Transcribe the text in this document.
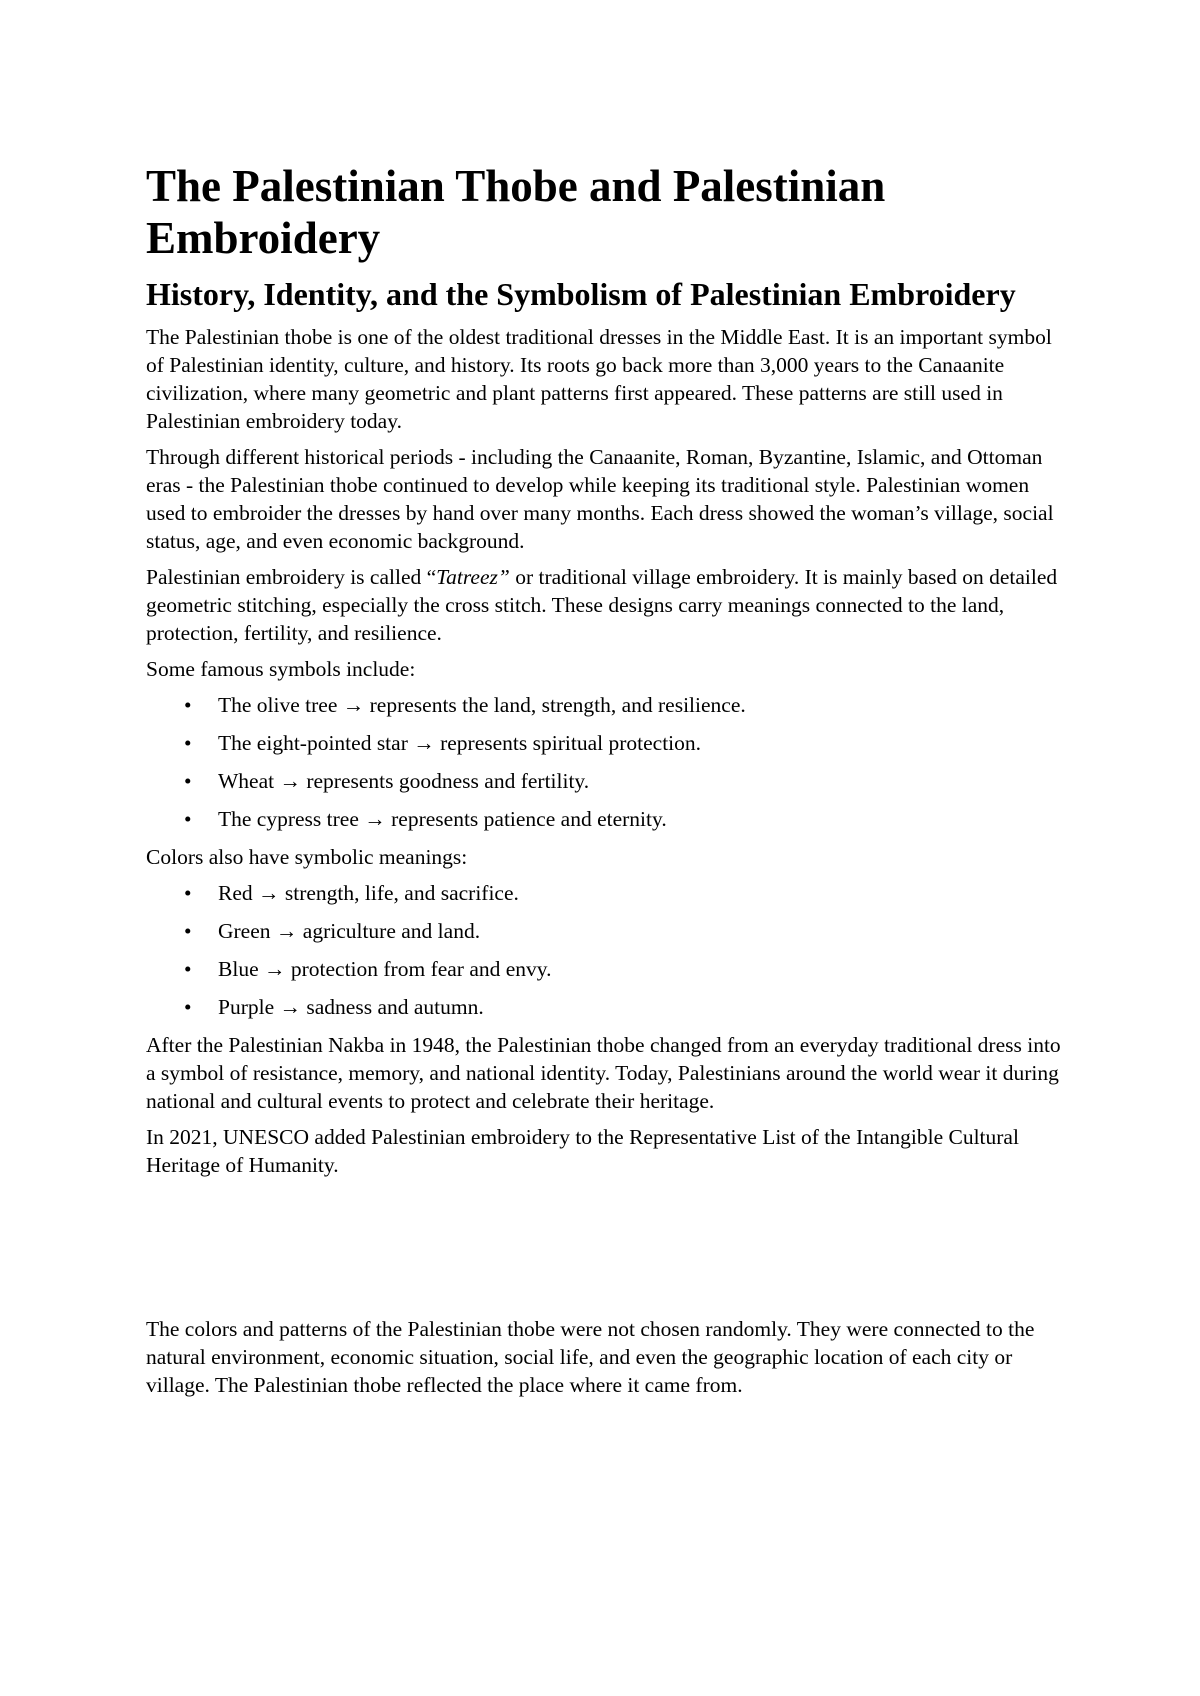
The Palestinian Thobe and Palestinian Embroidery
History, Identity, and the Symbolism of Palestinian Embroidery

The Palestinian thobe is one of the oldest traditional dresses in the Middle East. It is an important symbol of Palestinian identity, culture, and history. Its roots go back more than 3,000 years to the Canaanite civilization, where many geometric and plant patterns first appeared. These patterns are still used in Palestinian embroidery today.

Through different historical periods - including the Canaanite, Roman, Byzantine, Islamic, and Ottoman eras - the Palestinian thobe continued to develop while keeping its traditional style. Palestinian women used to embroider the dresses by hand over many months. Each dress showed the woman’s village, social status, age, and even economic background.

Palestinian embroidery is called “Tatreez” or traditional village embroidery. It is mainly based on detailed geometric stitching, especially the cross stitch. These designs carry meanings connected to the land, protection, fertility, and resilience.

Some famous symbols include:

• The olive tree → represents the land, strength, and resilience.
• The eight-pointed star → represents spiritual protection.
• Wheat → represents goodness and fertility.
• The cypress tree → represents patience and eternity.

Colors also have symbolic meanings:

• Red → strength, life, and sacrifice.
• Green → agriculture and land.
• Blue → protection from fear and envy.
• Purple → sadness and autumn.

After the Palestinian Nakba in 1948, the Palestinian thobe changed from an everyday traditional dress into a symbol of resistance, memory, and national identity. Today, Palestinians around the world wear it during national and cultural events to protect and celebrate their heritage.

In 2021, UNESCO added Palestinian embroidery to the Representative List of the Intangible Cultural Heritage of Humanity.

The colors and patterns of the Palestinian thobe were not chosen randomly. They were connected to the natural environment, economic situation, social life, and even the geographic location of each city or village. The Palestinian thobe reflected the place where it came from.
